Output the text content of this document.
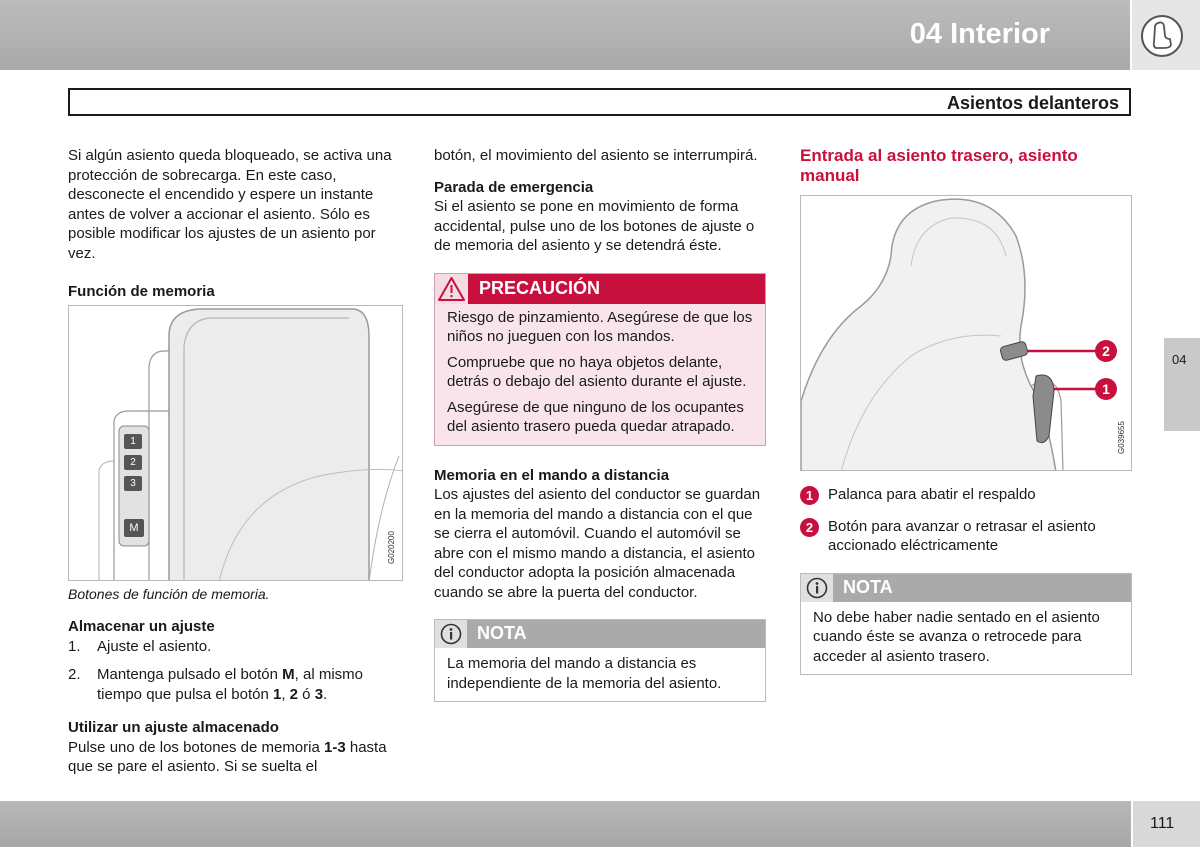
04 Interior
Asientos delanteros
04

Si algún asiento queda bloqueado, se activa una protección de sobrecarga. En este caso, desconecte el encendido y espere un instante antes de volver a accionar el asiento. Sólo es posible modificar los ajustes de un asiento por vez.

Función de memoria
1
2
3
M
G020200
Botones de función de memoria.
Almacenar un ajuste
1. Ajuste el asiento.
2. Mantenga pulsado el botón M, al mismo tiempo que pulsa el botón 1, 2 ó 3.
Utilizar un ajuste almacenado

Pulse uno de los botones de memoria 1-3 hasta que se pare el asiento. Si se suelta el

botón, el movimiento del asiento se interrumpirá.

Parada de emergencia

Si el asiento se pone en movimiento de forma accidental, pulse uno de los botones de ajuste o de memoria del asiento y se detendrá éste.

PRECAUCIÓN

Riesgo de pinzamiento. Asegúrese de que los niños no jueguen con los mandos.

Compruebe que no haya objetos delante, detrás o debajo del asiento durante el ajuste.

Asegúrese de que ninguno de los ocupantes del asiento trasero pueda quedar atrapado.

Memoria en el mando a distancia

Los ajustes del asiento del conductor se guardan en la memoria del mando a distancia con el que se cierra el automóvil. Cuando el automóvil se abre con el mismo mando a distancia, el asiento del conductor adopta la posición almacenada cuando se abre la puerta del conductor.

NOTA
La memoria del mando a distancia es independiente de la memoria del asiento.
Entrada al asiento trasero, asiento manual
2
1
G039655
1 Palanca para abatir el respaldo
2 Botón para avanzar o retrasar el asiento accionado eléctricamente
NOTA
No debe haber nadie sentado en el asiento cuando éste se avanza o retrocede para acceder al asiento trasero.
111
